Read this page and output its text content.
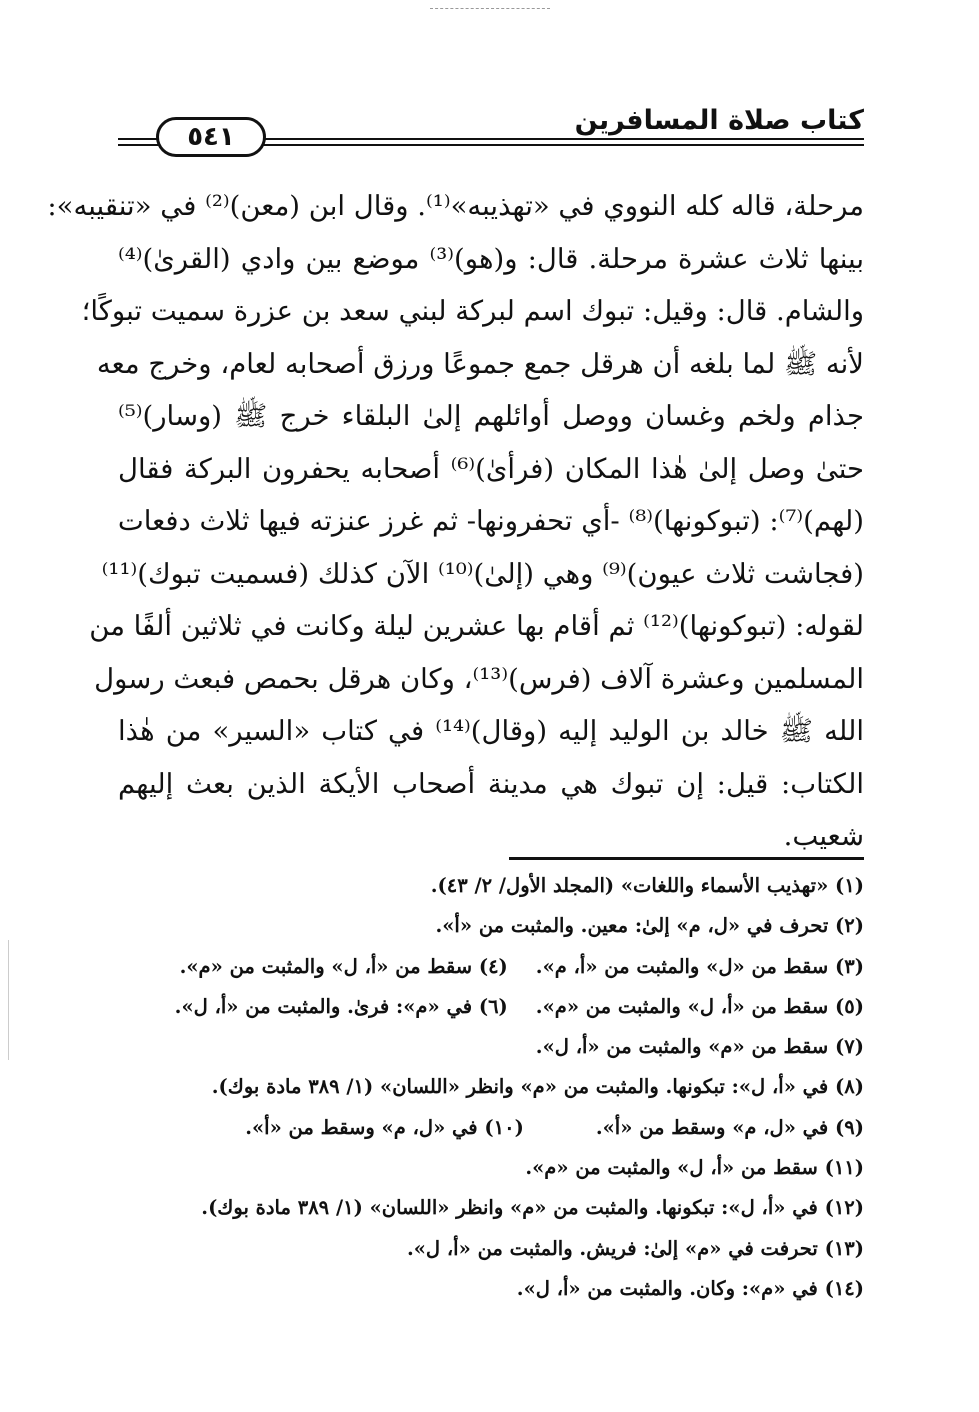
٥٤١
كتاب صلاة المسافرين
مرحلة، قاله كله النووي في «تهذيبه»⁽¹⁾. وقال ابن (معن)⁽²⁾ في «تنقيبه»:
بينها ثلاث عشرة مرحلة. قال: و(هو)⁽³⁾ موضع بين وادي (القرىٰ)⁽⁴⁾
والشام. قال: وقيل: تبوك اسم لبركة لبني سعد بن عزرة سميت تبوكًا؛
لأنه ﷺ لما بلغه أن هرقل جمع جموعًا ورزق أصحابه لعام، وخرج معه
جذام ولخم وغسان ووصل أوائلهم إلىٰ البلقاء خرج ﷺ (وسار)⁽⁵⁾
حتىٰ وصل إلىٰ هٰذا المكان (فرأىٰ)⁽⁶⁾ أصحابه يحفرون البركة فقال
(لهم)⁽⁷⁾: (تبوكونها)⁽⁸⁾ -أي تحفرونها- ثم غرز عنزته فيها ثلاث دفعات
(فجاشت ثلاث عيون)⁽⁹⁾ وهي (إلىٰ)⁽¹⁰⁾ الآن كذلك (فسميت تبوك)⁽¹¹⁾
لقوله: (تبوكونها)⁽¹²⁾ ثم أقام بها عشرين ليلة وكانت في ثلاثين ألفًا من
المسلمين وعشرة آلاف (فرس)⁽¹³⁾، وكان هرقل بحمص فبعث رسول
الله ﷺ خالد بن الوليد إليه (وقال)⁽¹⁴⁾ في كتاب «السير» من هٰذا
الكتاب: قيل: إن تبوك هي مدينة أصحاب الأيكة الذين بعث إليهم
شعيب.
(١) «تهذيب الأسماء واللغات» (المجلد الأول/ ٢/ ٤٣).
(٢) تحرف في «ل، م» إلىٰ: معين. والمثبت من «أ».
(٣) سقط من «ل» والمثبت من «أ، م».(٤) سقط من «أ، ل» والمثبت من «م».
(٥) سقط من «أ، ل» والمثبت من «م».(٦) في «م»: فرىٰ. والمثبت من «أ، ل».
(٧) سقط من «م» والمثبت من «أ، ل».
(٨) في «أ، ل»: تبكونها. والمثبت من «م» وانظر «اللسان» (١/ ٣٨٩ مادة بوك).
(٩) في «ل، م» وسقط من «أ».(١٠) في «ل، م» وسقط من «أ».
(١١) سقط من «أ، ل» والمثبت من «م».
(١٢) في «أ، ل»: تبكونها. والمثبت من «م» وانظر «اللسان» (١/ ٣٨٩ مادة بوك).
(١٣) تحرفت في «م» إلىٰ: فريش. والمثبت من «أ، ل».
(١٤) في «م»: وكان. والمثبت من «أ، ل».
